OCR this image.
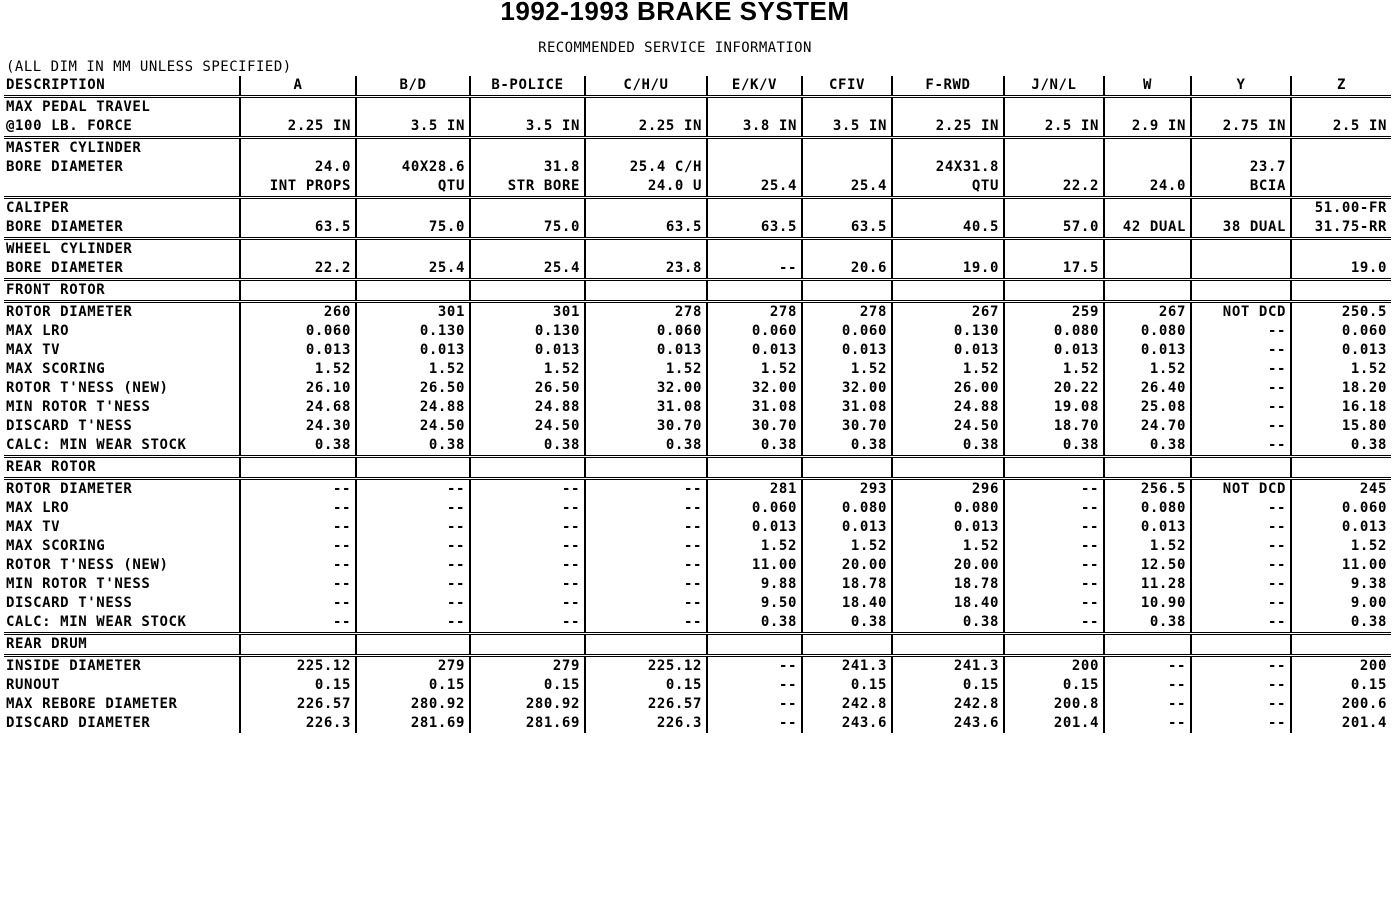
1992-1993 BRAKE SYSTEM
RECOMMENDED SERVICE INFORMATION
(ALL DIM IN MM UNLESS SPECIFIED)
DESCRIPTION	A	B/D	B-POLICE	C/H/U	E/K/V	CFIV	F-RWD	J/N/L	W	Y	Z

MAX PEDAL TRAVEL											
@100 LB. FORCE	2.25 IN	3.5 IN	3.5 IN	2.25 IN	3.8 IN	3.5 IN	2.25 IN	2.5 IN	2.9 IN	2.75 IN	2.5 IN

MASTER CYLINDER											
BORE DIAMETER	24.0	40X28.6	31.8	25.4 C/H			24X31.8			23.7	
	INT PROPS	QTU	STR BORE	24.0 U	25.4	25.4	QTU	22.2	24.0	BCIA	

CALIPER											51.00-FR
BORE DIAMETER	63.5	75.0	75.0	63.5	63.5	63.5	40.5	57.0	42 DUAL	38 DUAL	31.75-RR

WHEEL CYLINDER											
BORE DIAMETER	22.2	25.4	25.4	23.8	--	20.6	19.0	17.5			19.0

FRONT ROTOR											

ROTOR DIAMETER	260	301	301	278	278	278	267	259	267	NOT DCD	250.5
MAX LRO	0.060	0.130	0.130	0.060	0.060	0.060	0.130	0.080	0.080	--	0.060
MAX TV	0.013	0.013	0.013	0.013	0.013	0.013	0.013	0.013	0.013	--	0.013
MAX SCORING	1.52	1.52	1.52	1.52	1.52	1.52	1.52	1.52	1.52	--	1.52
ROTOR T'NESS (NEW)	26.10	26.50	26.50	32.00	32.00	32.00	26.00	20.22	26.40	--	18.20
MIN ROTOR T'NESS	24.68	24.88	24.88	31.08	31.08	31.08	24.88	19.08	25.08	--	16.18
DISCARD T'NESS	24.30	24.50	24.50	30.70	30.70	30.70	24.50	18.70	24.70	--	15.80
CALC: MIN WEAR STOCK	0.38	0.38	0.38	0.38	0.38	0.38	0.38	0.38	0.38	--	0.38

REAR ROTOR											

ROTOR DIAMETER	--	--	--	--	281	293	296	--	256.5	NOT DCD	245
MAX LRO	--	--	--	--	0.060	0.080	0.080	--	0.080	--	0.060
MAX TV	--	--	--	--	0.013	0.013	0.013	--	0.013	--	0.013
MAX SCORING	--	--	--	--	1.52	1.52	1.52	--	1.52	--	1.52
ROTOR T'NESS (NEW)	--	--	--	--	11.00	20.00	20.00	--	12.50	--	11.00
MIN ROTOR T'NESS	--	--	--	--	9.88	18.78	18.78	--	11.28	--	9.38
DISCARD T'NESS	--	--	--	--	9.50	18.40	18.40	--	10.90	--	9.00
CALC: MIN WEAR STOCK	--	--	--	--	0.38	0.38	0.38	--	0.38	--	0.38

REAR DRUM											

INSIDE DIAMETER	225.12	279	279	225.12	--	241.3	241.3	200	--	--	200
RUNOUT	0.15	0.15	0.15	0.15	--	0.15	0.15	0.15	--	--	0.15
MAX REBORE DIAMETER	226.57	280.92	280.92	226.57	--	242.8	242.8	200.8	--	--	200.6
DISCARD DIAMETER	226.3	281.69	281.69	226.3	--	243.6	243.6	201.4	--	--	201.4
